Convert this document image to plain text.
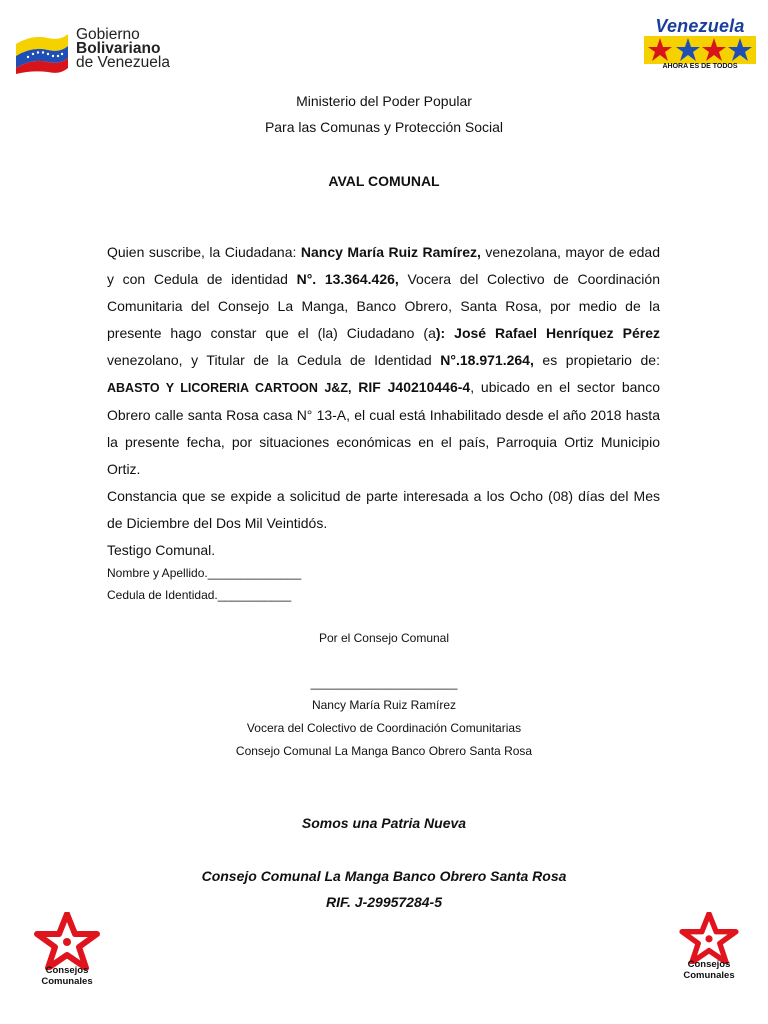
Gobierno
Bolivariano
de Venezuela
Venezuela
AHORA ES DE TODOS
Ministerio del Poder Popular
Para las Comunas y Protección Social
AVAL COMUNAL

Quien suscribe, la Ciudadana: Nancy María Ruiz Ramírez, venezolana, mayor de edad y con Cedula de identidad N°. 13.364.426, Vocera del Colectivo de Coordinación Comunitaria del Consejo La Manga, Banco Obrero, Santa Rosa, por medio de la presente hago constar que el (la) Ciudadano (a): José Rafael Henríquez Pérez venezolano, y Titular de la Cedula de Identidad N°.18.971.264, es propietario de: ABASTO Y LICORERIA CARTOON J&Z, RIF J40210446-4, ubicado en el sector banco Obrero calle santa Rosa casa N° 13-A, el cual está Inhabilitado desde el año 2018 hasta la presente fecha, por situaciones económicas en el país, Parroquia Ortiz Municipio Ortiz.

Constancia que se expide a solicitud de parte interesada a los Ocho (08) días del Mes de Diciembre del Dos Mil Veintidós.

Testigo Comunal.

Nombre y Apellido.______________
Cedula de Identidad.___________
Por el Consejo Comunal
______________________
Nancy María Ruiz Ramírez
Vocera del Colectivo de Coordinación Comunitarias
Consejo Comunal La Manga Banco Obrero Santa Rosa
Somos una Patria Nueva
Consejo Comunal La Manga Banco Obrero Santa Rosa
RIF. J-29957284-5
Consejos
Comunales
Consejos
Comunales
